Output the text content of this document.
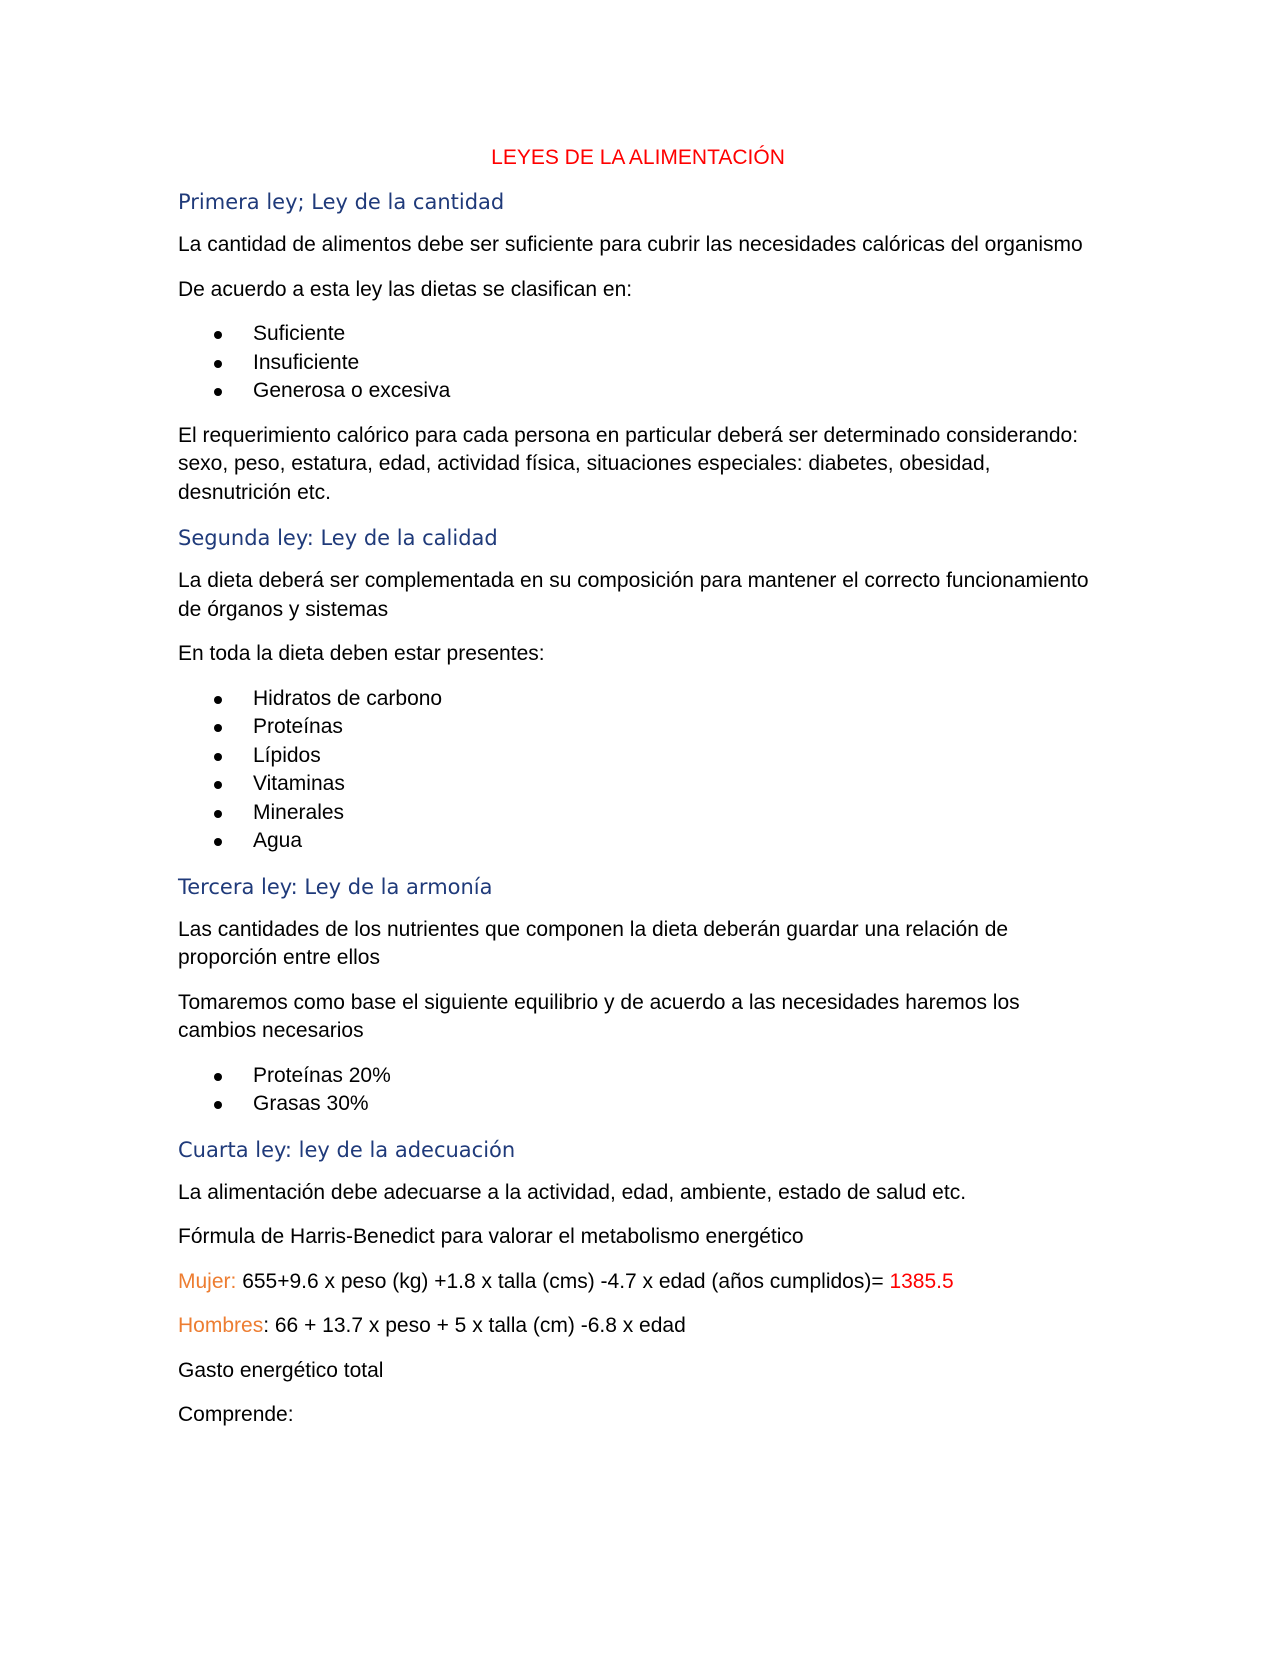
LEYES DE LA ALIMENTACIÓN
Primera ley; Ley de la cantidad

La cantidad de alimentos debe ser suficiente para cubrir las necesidades calóricas del organismo

De acuerdo a esta ley las dietas se clasifican en:

Suficiente
Insuficiente
Generosa o excesiva

El requerimiento calórico para cada persona en particular deberá ser determinado considerando: sexo, peso, estatura, edad, actividad física, situaciones especiales: diabetes, obesidad, desnutrición etc.

Segunda ley: Ley de la calidad

La dieta deberá ser complementada en su composición para mantener el correcto funcionamiento de órganos y sistemas

En toda la dieta deben estar presentes:

Hidratos de carbono
Proteínas
Lípidos
Vitaminas
Minerales
Agua
Tercera ley: Ley de la armonía

Las cantidades de los nutrientes que componen la dieta deberán guardar una relación de proporción entre ellos

Tomaremos como base el siguiente equilibrio y de acuerdo a las necesidades haremos los cambios necesarios

Proteínas 20%
Grasas 30%
Cuarta ley: ley de la adecuación

La alimentación debe adecuarse a la actividad, edad, ambiente, estado de salud etc.

Fórmula de Harris-Benedict para valorar el metabolismo energético

Mujer: 655+9.6 x peso (kg) +1.8 x talla (cms) -4.7 x edad (años cumplidos)= 1385.5

Hombres: 66 + 13.7 x peso + 5 x talla (cm) -6.8 x edad

Gasto energético total

Comprende:
